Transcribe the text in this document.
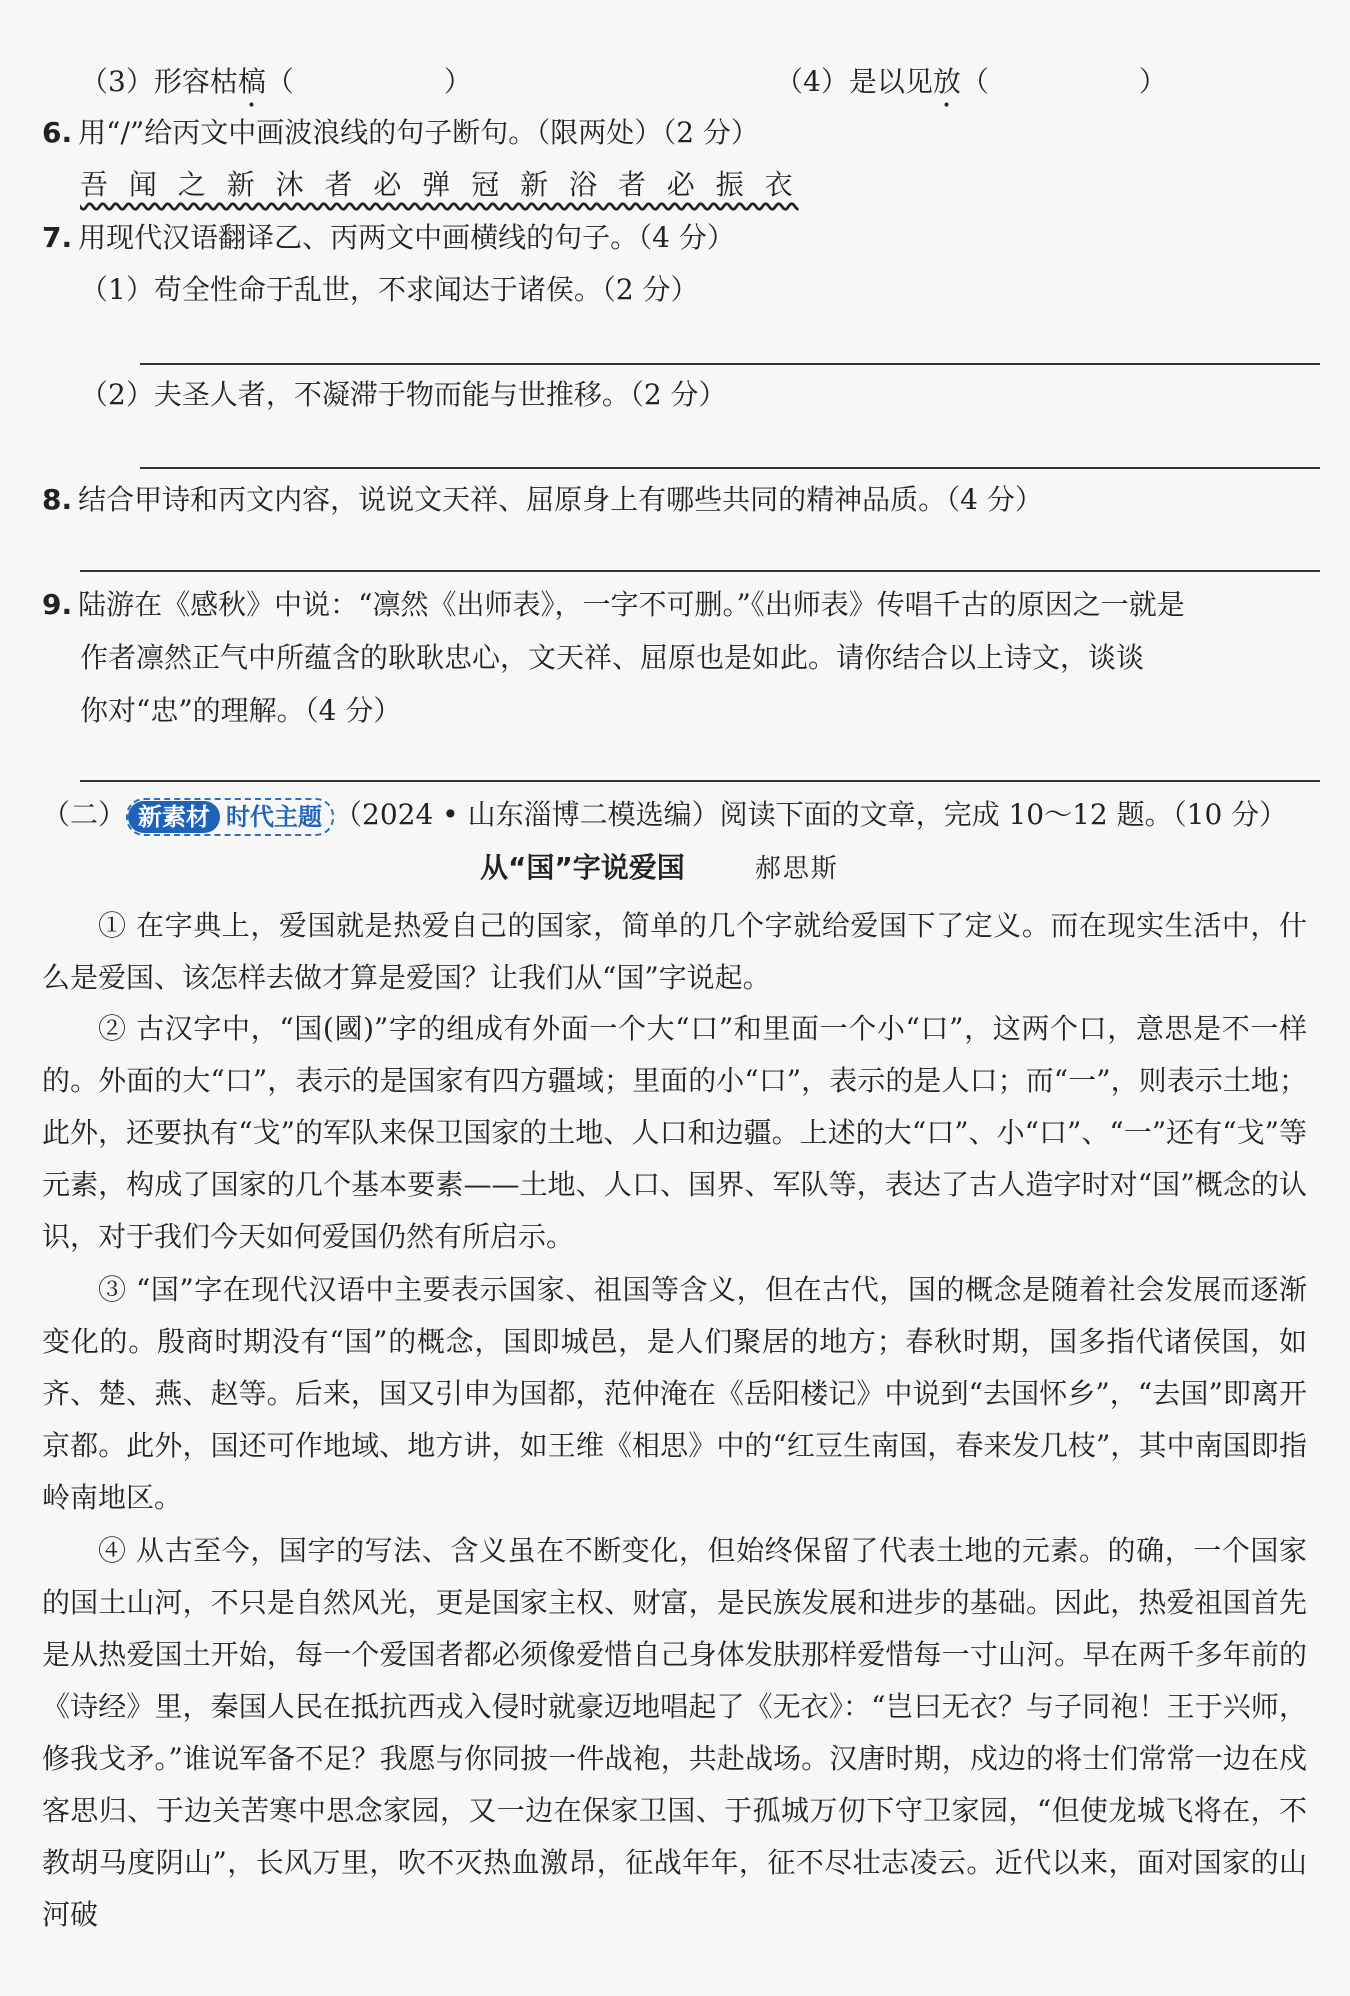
（3）形容枯槁（	）	（4）是以见放（	）
6. 用“/”给丙文中画波浪线的句子断句。（限两处）（2 分）
吾 闻 之 新 沐 者 必 弹 冠 新 浴 者 必 振 衣
7. 用现代汉语翻译乙、丙两文中画横线的句子。（4 分）
（1）苟全性命于乱世，不求闻达于诸侯。（2 分）
（2）夫圣人者，不凝滞于物而能与世推移。（2 分）
8. 结合甲诗和丙文内容，说说文天祥、屈原身上有哪些共同的精神品质。（4 分）
9. 陆游在《感秋》中说：“凛然《出师表》，一字不可删。”《出师表》传唱千古的原因之一就是
作者凛然正气中所蕴含的耿耿忠心，文天祥、屈原也是如此。请你结合以上诗文，谈谈
你对“忠”的理解。（4 分）
（二） 新素材 时代主题 （2024 • 山东淄博二模选编）阅读下面的文章，完成 10～12 题。（10 分）
从“国”字说爱国	郝思斯
① 在字典上，爱国就是热爱自己的国家，简单的几个字就给爱国下了定义。而在现实生活中，什么是爱国、该怎样去做才算是爱国？让我们从“国”字说起。
② 古汉字中，“国(國)”字的组成有外面一个大“口”和里面一个小“口”，这两个口，意思是不一样的。外面的大“口”，表示的是国家有四方疆域；里面的小“口”，表示的是人口；而“一”，则表示土地；此外，还要执有“戈”的军队来保卫国家的土地、人口和边疆。上述的大“口”、小“口”、“一”还有“戈”等元素，构成了国家的几个基本要素——土地、人口、国界、军队等，表达了古人造字时对“国”概念的认识，对于我们今天如何爱国仍然有所启示。
③ “国”字在现代汉语中主要表示国家、祖国等含义，但在古代，国的概念是随着社会发展而逐渐变化的。殷商时期没有“国”的概念，国即城邑，是人们聚居的地方；春秋时期，国多指代诸侯国，如齐、楚、燕、赵等。后来，国又引申为国都，范仲淹在《岳阳楼记》中说到“去国怀乡”，“去国”即离开京都。此外，国还可作地域、地方讲，如王维《相思》中的“红豆生南国，春来发几枝”，其中南国即指岭南地区。
④ 从古至今，国字的写法、含义虽在不断变化，但始终保留了代表土地的元素。的确，一个国家的国土山河，不只是自然风光，更是国家主权、财富，是民族发展和进步的基础。因此，热爱祖国首先是从热爱国土开始，每一个爱国者都必须像爱惜自己身体发肤那样爱惜每一寸山河。早在两千多年前的《诗经》里，秦国人民在抵抗西戎入侵时就豪迈地唱起了《无衣》：“岂曰无衣？与子同袍！王于兴师，修我戈矛。”谁说军备不足？我愿与你同披一件战袍，共赴战场。汉唐时期，戍边的将士们常常一边在戍客思归、于边关苦寒中思念家园，又一边在保家卫国、于孤城万仞下守卫家园，“但使龙城飞将在，不教胡马度阴山”，长风万里，吹不灭热血激昂，征战年年，征不尽壮志凌云。近代以来，面对国家的山河破
